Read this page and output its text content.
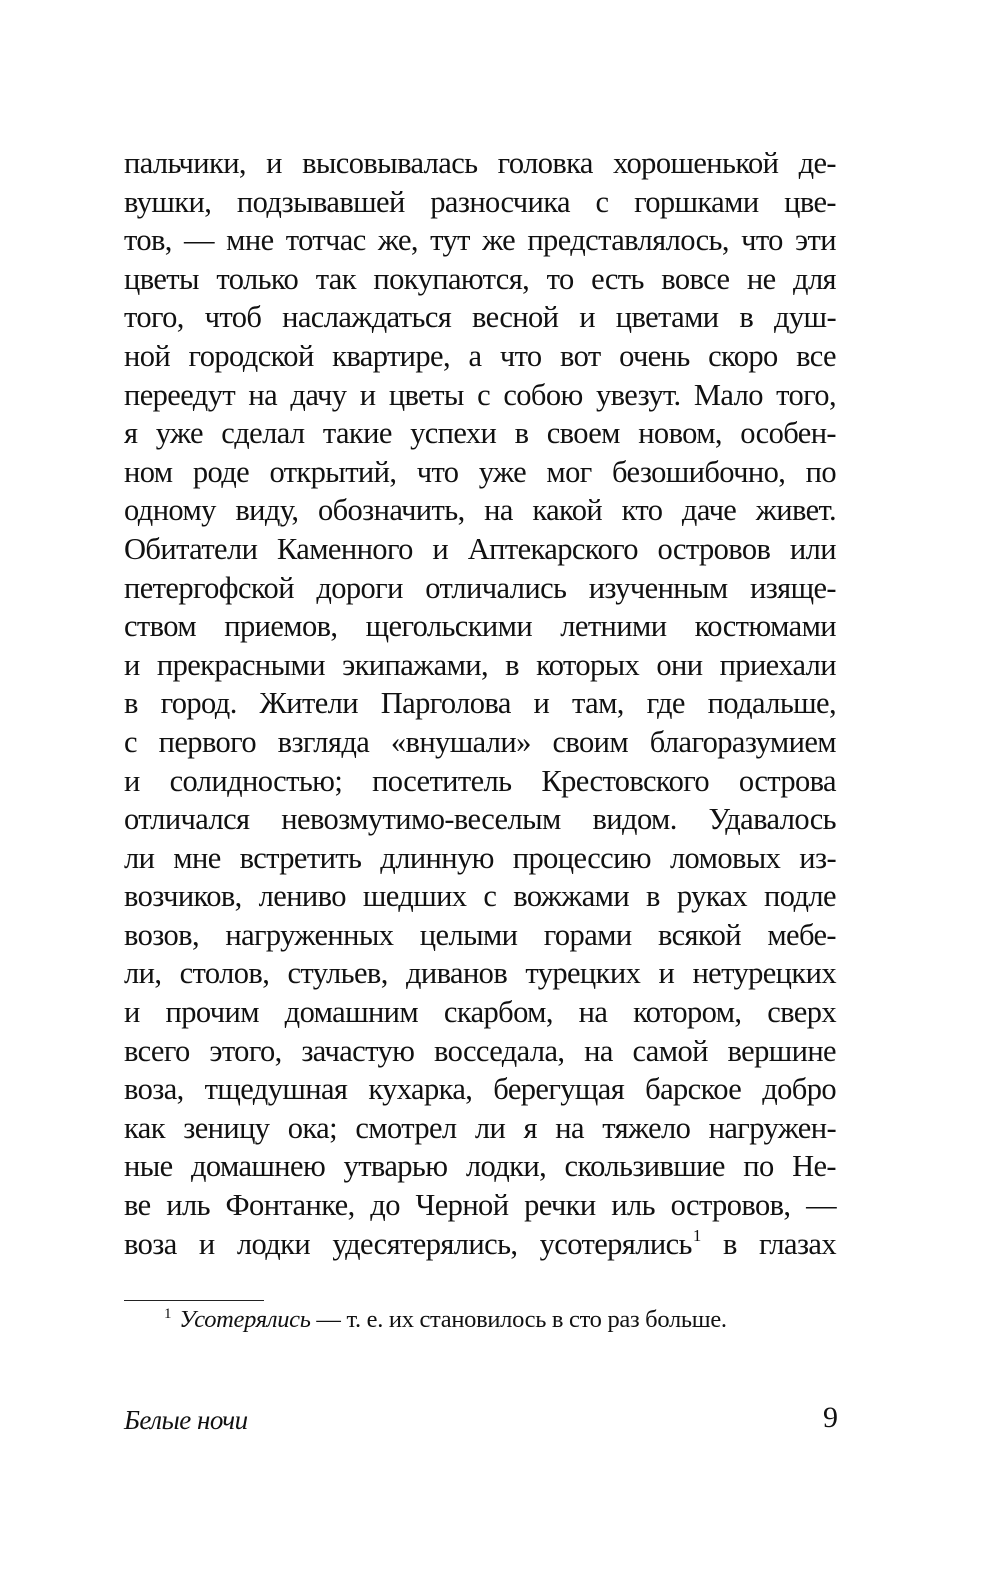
пальчики, и высовывалась головка хорошенькой де-
вушки, подзывавшей разносчика с горшками цве-
тов, — мне тотчас же, тут же представлялось, что эти
цветы только так покупаются, то есть вовсе не для
того, чтоб наслаждаться весной и цветами в душ-
ной городской квартире, а что вот очень скоро все
переедут на дачу и цветы с собою увезут. Мало того,
я уже сделал такие успехи в своем новом, особен-
ном роде открытий, что уже мог безошибочно, по
одному виду, обозначить, на какой кто даче живет.
Обитатели Каменного и Аптекарского островов или
петергофской дороги отличались изученным изяще-
ством приемов, щегольскими летними костюмами
и прекрасными экипажами, в которых они приехали
в город. Жители Парголова и там, где подальше,
с первого взгляда «внушали» своим благоразумием
и солидностью; посетитель Крестовского острова
отличался невозмутимо-веселым видом. Удавалось
ли мне встретить длинную процессию ломовых из-
возчиков, лениво шедших с вожжами в руках подле
возов, нагруженных целыми горами всякой мебе-
ли, столов, стульев, диванов турецких и нетурецких
и прочим домашним скарбом, на котором, сверх
всего этого, зачастую восседала, на самой вершине
воза, тщедушная кухарка, берегущая барское добро
как зеницу ока; смотрел ли я на тяжело нагружен-
ные домашнею утварью лодки, скользившие по Не-
ве иль Фонтанке, до Черной речки иль островов, —
воза и лодки удесятерялись, усотерялись$^1$ в глазах
$^1$ Усотерялись — т. е. их становилось в сто раз больше.
Белые ночи	9
